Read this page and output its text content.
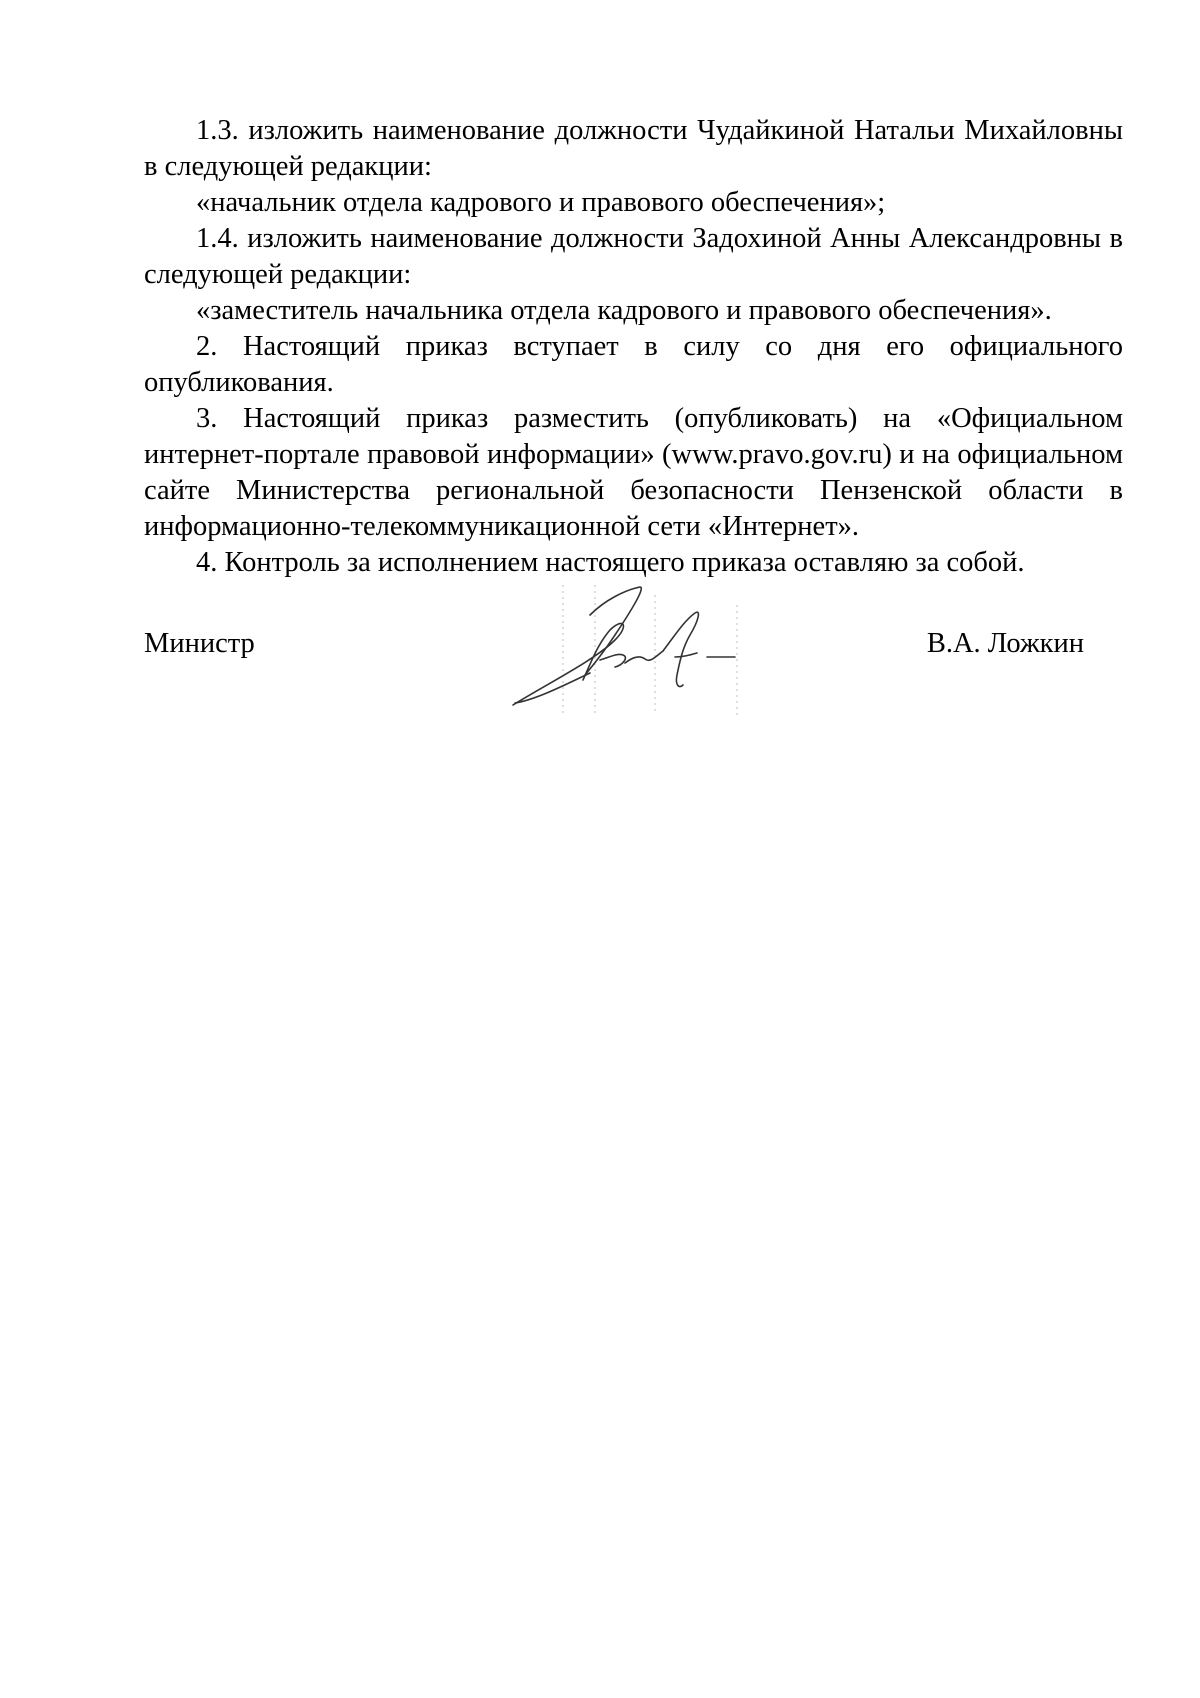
1.3. изложить наименование должности Чудайкиной Натальи Михайловны в следующей редакции:

«начальник отдела кадрового и правового обеспечения»;

1.4. изложить наименование должности Задохиной Анны Александровны в следующей редакции:

«заместитель начальника отдела кадрового и правового обеспечения».

2. Настоящий приказ вступает в силу со дня его официального опубликования.

3. Настоящий приказ разместить (опубликовать) на «Официальном интернет-портале правовой информации» (www.pravo.gov.ru) и на официальном сайте Министерства региональной безопасности Пензенской области в информационно-телекоммуникационной сети «Интернет».

4. Контроль за исполнением настоящего приказа оставляю за собой.

Министр	В.А. Ложкин
